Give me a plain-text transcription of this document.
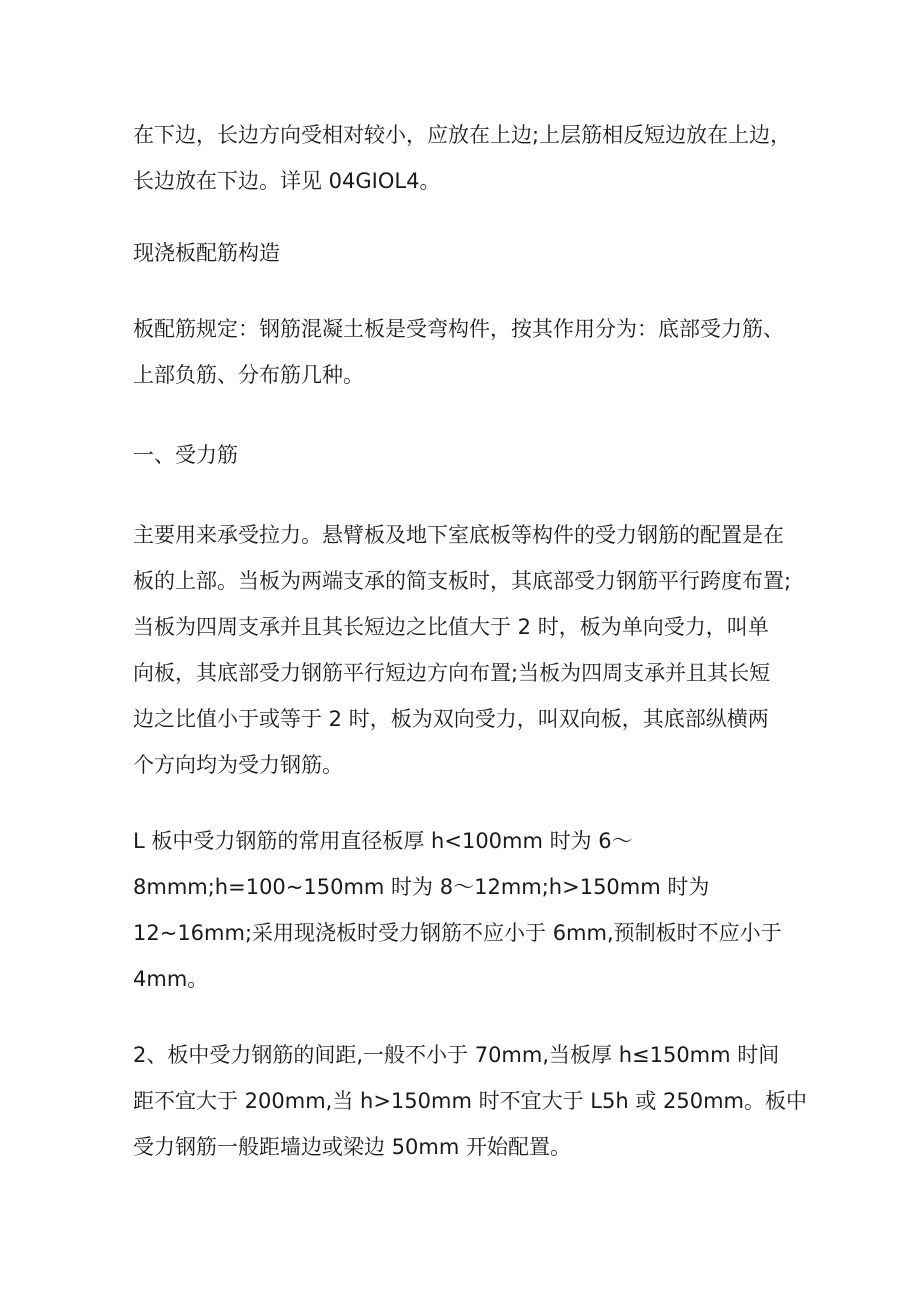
在下边，长边方向受相对较小，应放在上边;上层筋相反短边放在上边，
长边放在下边。详见 04GIOL4。

现浇板配筋构造

板配筋规定：钢筋混凝土板是受弯构件，按其作用分为：底部受力筋、
上部负筋、分布筋几种。

一、受力筋

主要用来承受拉力。悬臂板及地下室底板等构件的受力钢筋的配置是在
板的上部。当板为两端支承的简支板时，其底部受力钢筋平行跨度布置;
当板为四周支承并且其长短边之比值大于 2 时，板为单向受力，叫单
向板，其底部受力钢筋平行短边方向布置;当板为四周支承并且其长短
边之比值小于或等于 2 时，板为双向受力，叫双向板，其底部纵横两
个方向均为受力钢筋。

L 板中受力钢筋的常用直径板厚 h<100mm 时为 6〜
8mmm;h=100~150mm 时为 8〜12mm;h>150mm 时为
12~16mm;采用现浇板时受力钢筋不应小于 6mm,预制板时不应小于
4mm。

2、板中受力钢筋的间距,一般不小于 70mm,当板厚 h≤150mm 时间
距不宜大于 200mm,当 h>150mm 时不宜大于 L5h 或 250mm。板中
受力钢筋一般距墙边或梁边 50mm 开始配置。
